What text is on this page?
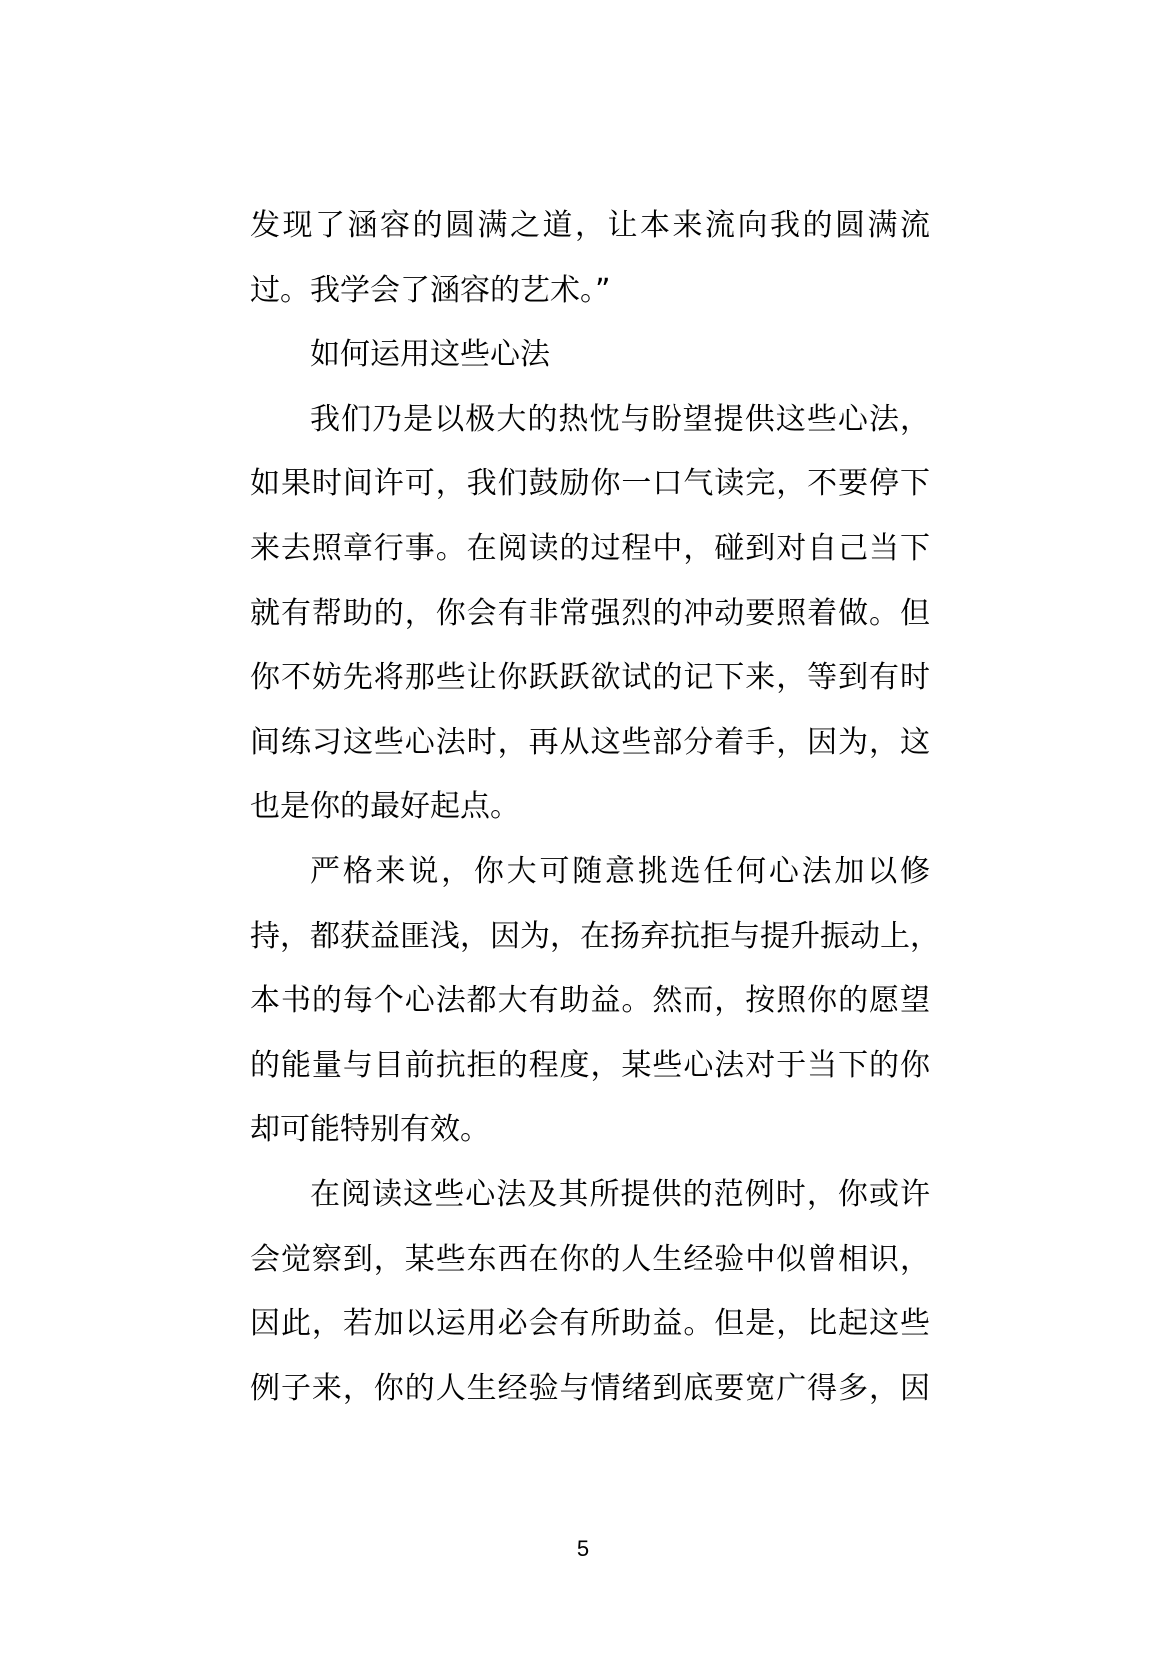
发现了涵容的圆满之道，让本来流向我的圆满流
过。我学会了涵容的艺术。”
如何运用这些心法
我们乃是以极大的热忱与盼望提供这些心法，
如果时间许可，我们鼓励你一口气读完，不要停下
来去照章行事。在阅读的过程中，碰到对自己当下
就有帮助的，你会有非常强烈的冲动要照着做。但
你不妨先将那些让你跃跃欲试的记下来，等到有时
间练习这些心法时，再从这些部分着手，因为，这
也是你的最好起点。
严格来说，你大可随意挑选任何心法加以修
持，都获益匪浅，因为，在扬弃抗拒与提升振动上，
本书的每个心法都大有助益。然而，按照你的愿望
的能量与目前抗拒的程度，某些心法对于当下的你
却可能特别有效。
在阅读这些心法及其所提供的范例时，你或许
会觉察到，某些东西在你的人生经验中似曾相识，
因此，若加以运用必会有所助益。但是，比起这些
例子来，你的人生经验与情绪到底要宽广得多，因
5
